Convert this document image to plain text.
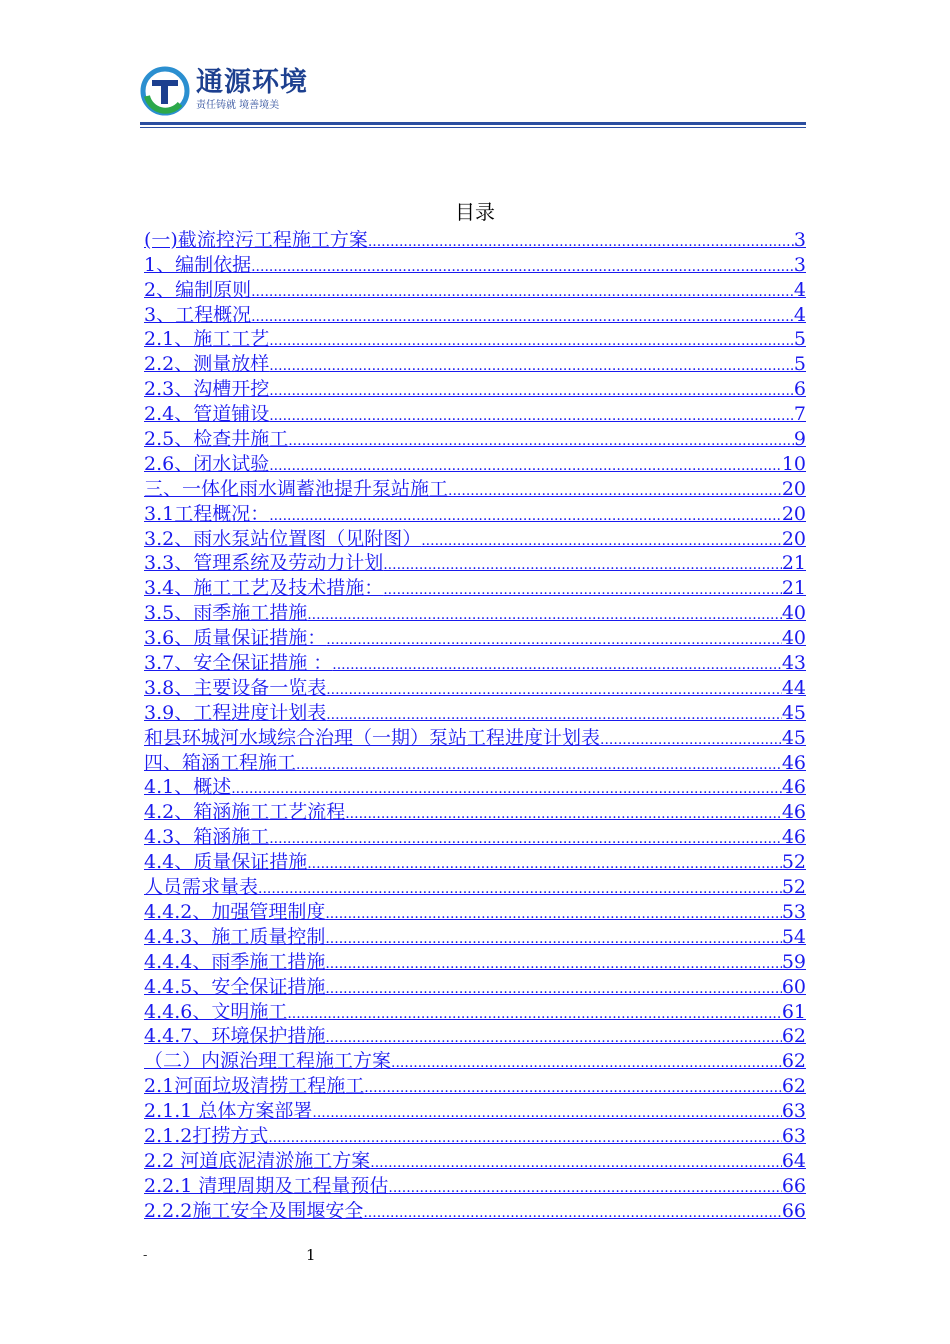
通源环境
责任铸就 境善境美
目录
(一)截流控污工程施工方案 .....	3
1、编制依据 .....	3
2、编制原则 .....	4
3、工程概况 .....	4
2.1、施工工艺 .....	5
2.2、测量放样 .....	5
2.3、沟槽开挖 .....	6
2.4、管道铺设 .....	7
2.5、检查井施工 .....	9
2.6、闭水试验 .....	10
三、一体化雨水调蓄池提升泵站施工 .....	20
3.1工程概况： .....	20
3.2、雨水泵站位置图（见附图） .....	20
3.3、管理系统及劳动力计划 .....	21
3.4、施工工艺及技术措施： .....	21
3.5、雨季施工措施 .....	40
3.6、质量保证措施： .....	40
3.7、安全保证措施 ： .....	43
3.8、主要设备一览表 .....	44
3.9、工程进度计划表 .....	45
和县环城河水域综合治理（一期）泵站工程进度计划表 .....	45
四、箱涵工程施工 .....	46
4.1、概述 .....	46
4.2、箱涵施工工艺流程 .....	46
4.3、箱涵施工 .....	46
4.4、质量保证措施 .....	52
人员需求量表 .....	52
4.4.2、加强管理制度 .....	53
4.4.3、施工质量控制 .....	54
4.4.4、雨季施工措施 .....	59
4.4.5、安全保证措施 .....	60
4.4.6、文明施工 .....	61
4.4.7、环境保护措施 .....	62
（二）内源治理工程施工方案 .....	62
2.1河面垃圾清捞工程施工 .....	62
2.1.1 总体方案部署 .....	63
2.1.2打捞方式 .....	63
2.2 河道底泥清淤施工方案 .....	64
2.2.1 清理周期及工程量预估 .....	66
2.2.2施工安全及围堰安全 .....	66
-	1
